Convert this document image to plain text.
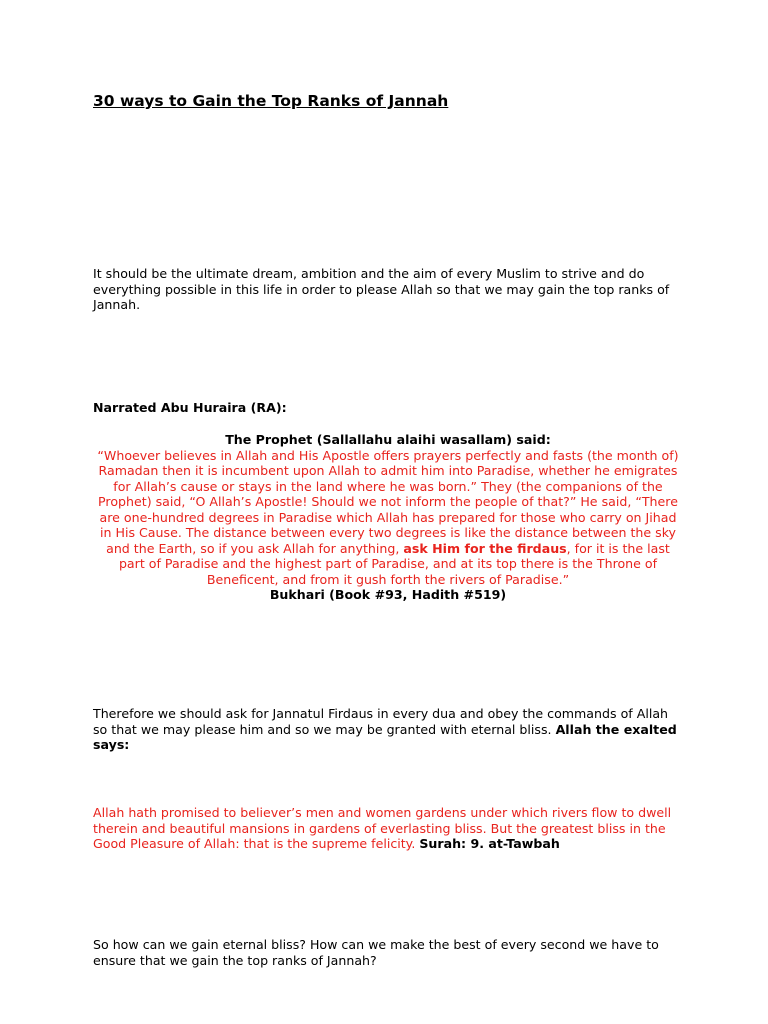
30 ways to Gain the Top Ranks of Jannah

It should be the ultimate dream, ambition and the aim of every Muslim to strive and do everything possible in this life in order to please Allah so that we may gain the top ranks of Jannah.

Narrated Abu Huraira (RA):

The Prophet (Sallallahu alaihi wasallam) said:
“Whoever believes in Allah and His Apostle offers prayers perfectly and fasts (the month of) Ramadan then it is incumbent upon Allah to admit him into Paradise, whether he emigrates for Allah’s cause or stays in the land where he was born.” They (the companions of the Prophet) said, “O Allah’s Apostle! Should we not inform the people of that?” He said, “There are one-hundred degrees in Paradise which Allah has prepared for those who carry on Jihad in His Cause. The distance between every two degrees is like the distance between the sky and the Earth, so if you ask Allah for anything, ask Him for the firdaus, for it is the last part of Paradise and the highest part of Paradise, and at its top there is the Throne of Beneficent, and from it gush forth the rivers of Paradise.”
Bukhari (Book #93, Hadith #519)

Therefore we should ask for Jannatul Firdaus in every dua and obey the commands of Allah so that we may please him and so we may be granted with eternal bliss. Allah the exalted says:

Allah hath promised to believer’s men and women gardens under which rivers flow to dwell therein and beautiful mansions in gardens of everlasting bliss. But the greatest bliss in the Good Pleasure of Allah: that is the supreme felicity. Surah: 9. at-Tawbah

So how can we gain eternal bliss? How can we make the best of every second we have to ensure that we gain the top ranks of Jannah?
